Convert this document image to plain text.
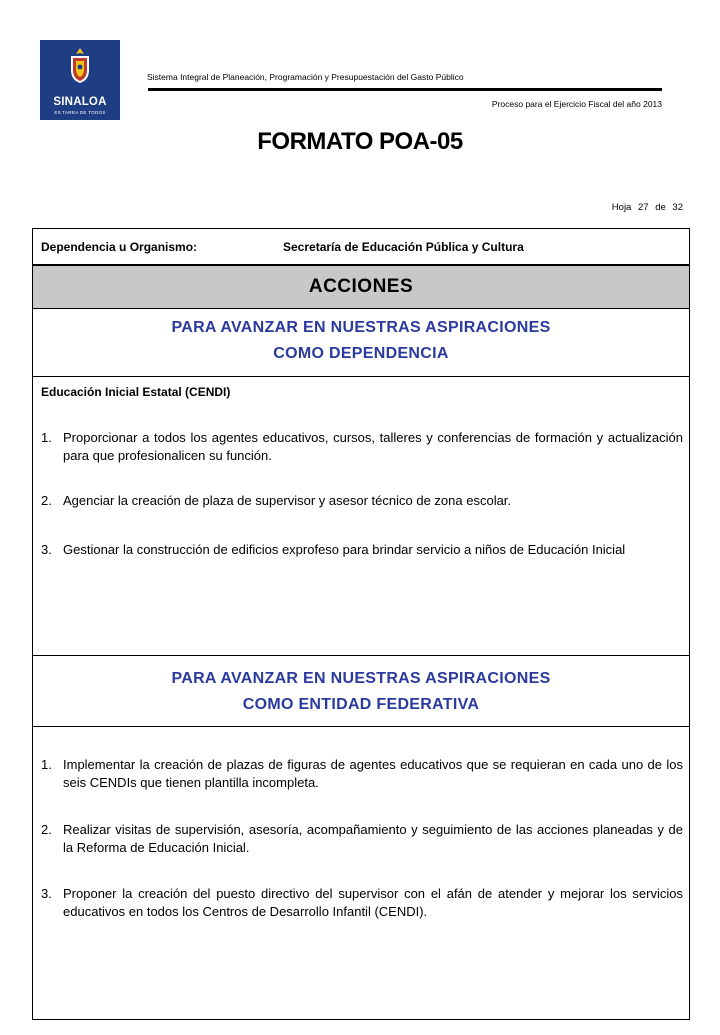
SINALOA
ES TAREA DE TODOS
Sistema Integral de Planeación, Programación y Presupuestación del Gasto Público
Proceso para el Ejercicio Fiscal del año 2013
FORMATO POA-05
Hoja 27 de 32
Dependencia u Organismo:	Secretaría de Educación Pública y Cultura
ACCIONES
PARA AVANZAR EN NUESTRAS ASPIRACIONES
COMO DEPENDENCIA
Educación Inicial Estatal (CENDI)
1. Proporcionar a todos los agentes educativos, cursos, talleres y conferencias de formación y actualización para que profesionalicen su función.
2. Agenciar la creación de plaza de supervisor y asesor técnico de zona escolar.
3. Gestionar la construcción de edificios exprofeso para brindar servicio a niños de Educación Inicial
PARA AVANZAR EN NUESTRAS ASPIRACIONES
COMO ENTIDAD FEDERATIVA
1. Implementar la creación de plazas de figuras de agentes educativos que se requieran en cada uno de los seis CENDIs que tienen plantilla incompleta.
2. Realizar visitas de supervisión, asesoría, acompañamiento y seguimiento de las acciones planeadas y de la Reforma de Educación Inicial.
3. Proponer la creación del puesto directivo del supervisor con el afán de atender y mejorar los servicios educativos en todos los Centros de Desarrollo Infantil (CENDI).
